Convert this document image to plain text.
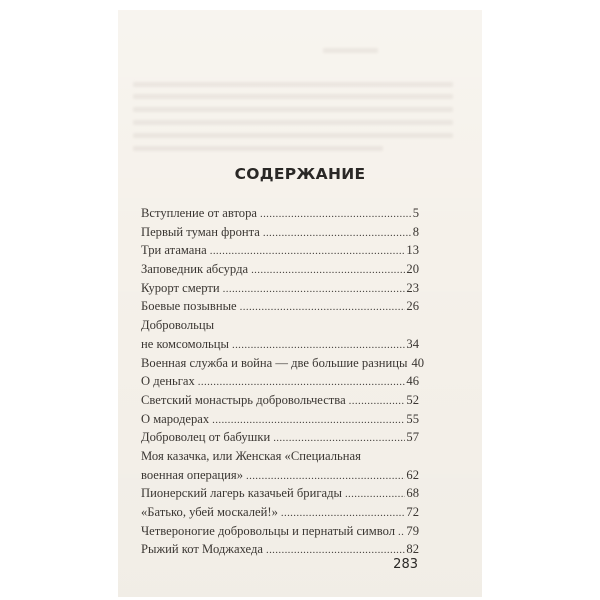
СОДЕРЖАНИЕ
Вступление от автора . . .	5
Первый туман фронта . . .	8
Три атамана . . .	13
Заповедник абсурда . . .	20
Курорт смерти . . .	23
Боевые позывные . . .	26
Добровольцы
не комсомольцы . . .	34
Военная служба и война — две большие разницы 40
О деньгах . . .	46
Светский монастырь добровольчества . . .	52
О мародерах . . .	55
Доброволец от бабушки . . .	57
Моя казачка, или Женская «Специальная
военная операция» . . .	62
Пионерский лагерь казачьей бригады . . .	68
«Батько, убей москалей!» . . .	72
Четвероногие добровольцы и пернатый символ . . . 79
Рыжий кот Моджахеда . . .	82
283
